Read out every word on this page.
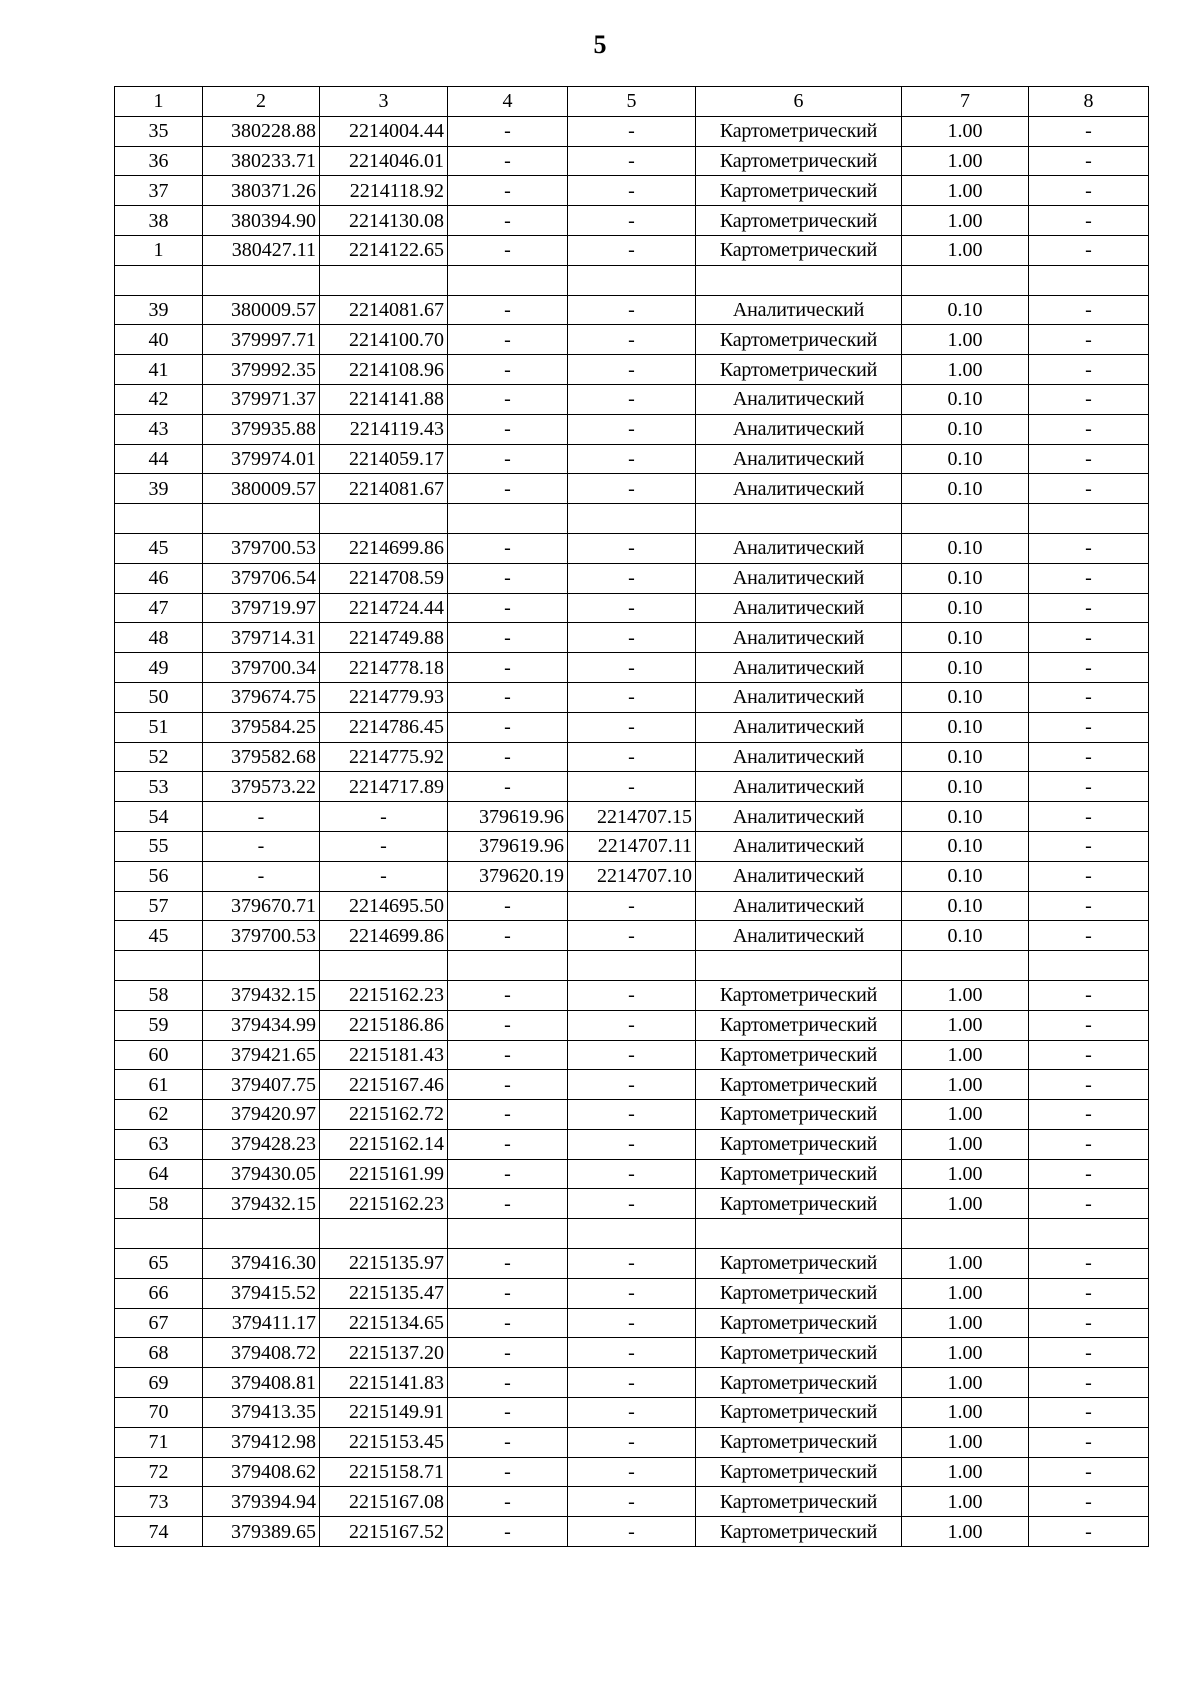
5
1	2	3	4	5	6	7	8
35	380228.88	2214004.44	-	-	Картометрический	1.00	-
36	380233.71	2214046.01	-	-	Картометрический	1.00	-
37	380371.26	2214118.92	-	-	Картометрический	1.00	-
38	380394.90	2214130.08	-	-	Картометрический	1.00	-
1	380427.11	2214122.65	-	-	Картометрический	1.00	-

39	380009.57	2214081.67	-	-	Аналитический	0.10	-
40	379997.71	2214100.70	-	-	Картометрический	1.00	-
41	379992.35	2214108.96	-	-	Картометрический	1.00	-
42	379971.37	2214141.88	-	-	Аналитический	0.10	-
43	379935.88	2214119.43	-	-	Аналитический	0.10	-
44	379974.01	2214059.17	-	-	Аналитический	0.10	-
39	380009.57	2214081.67	-	-	Аналитический	0.10	-

45	379700.53	2214699.86	-	-	Аналитический	0.10	-
46	379706.54	2214708.59	-	-	Аналитический	0.10	-
47	379719.97	2214724.44	-	-	Аналитический	0.10	-
48	379714.31	2214749.88	-	-	Аналитический	0.10	-
49	379700.34	2214778.18	-	-	Аналитический	0.10	-
50	379674.75	2214779.93	-	-	Аналитический	0.10	-
51	379584.25	2214786.45	-	-	Аналитический	0.10	-
52	379582.68	2214775.92	-	-	Аналитический	0.10	-
53	379573.22	2214717.89	-	-	Аналитический	0.10	-
54	-	-	379619.96	2214707.15	Аналитический	0.10	-
55	-	-	379619.96	2214707.11	Аналитический	0.10	-
56	-	-	379620.19	2214707.10	Аналитический	0.10	-
57	379670.71	2214695.50	-	-	Аналитический	0.10	-
45	379700.53	2214699.86	-	-	Аналитический	0.10	-

58	379432.15	2215162.23	-	-	Картометрический	1.00	-
59	379434.99	2215186.86	-	-	Картометрический	1.00	-
60	379421.65	2215181.43	-	-	Картометрический	1.00	-
61	379407.75	2215167.46	-	-	Картометрический	1.00	-
62	379420.97	2215162.72	-	-	Картометрический	1.00	-
63	379428.23	2215162.14	-	-	Картометрический	1.00	-
64	379430.05	2215161.99	-	-	Картометрический	1.00	-
58	379432.15	2215162.23	-	-	Картометрический	1.00	-

65	379416.30	2215135.97	-	-	Картометрический	1.00	-
66	379415.52	2215135.47	-	-	Картометрический	1.00	-
67	379411.17	2215134.65	-	-	Картометрический	1.00	-
68	379408.72	2215137.20	-	-	Картометрический	1.00	-
69	379408.81	2215141.83	-	-	Картометрический	1.00	-
70	379413.35	2215149.91	-	-	Картометрический	1.00	-
71	379412.98	2215153.45	-	-	Картометрический	1.00	-
72	379408.62	2215158.71	-	-	Картометрический	1.00	-
73	379394.94	2215167.08	-	-	Картометрический	1.00	-
74	379389.65	2215167.52	-	-	Картометрический	1.00	-
